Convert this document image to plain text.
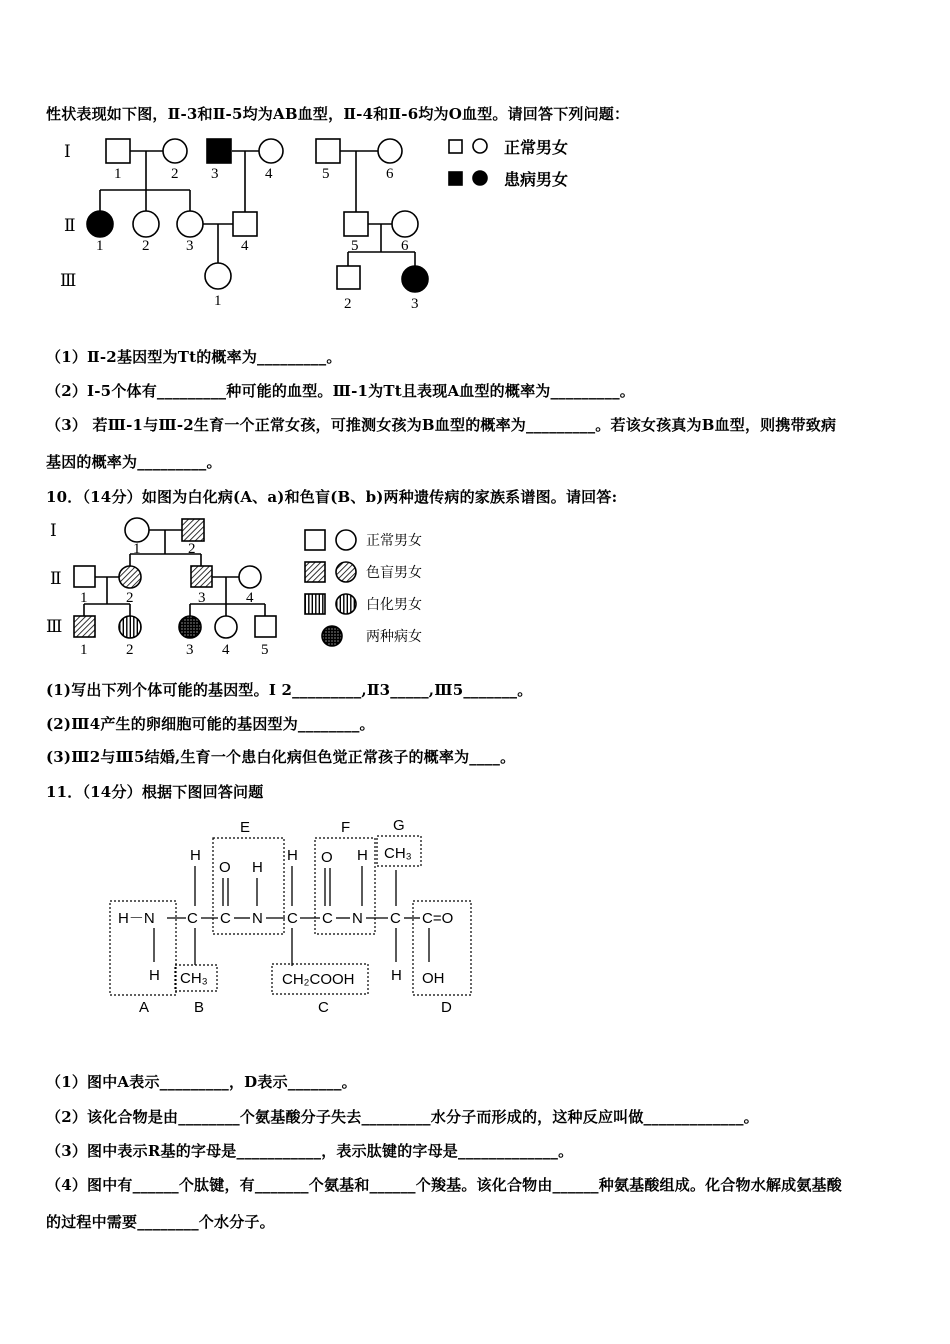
性状表现如下图，Ⅱ-3和Ⅱ-5均为AB血型，Ⅱ-4和Ⅱ-6均为O血型。请回答下列问题：
Ⅰ
Ⅱ
Ⅲ
1	2 3	4	5	6
1	2 3	4	5	6
1	2	3
正常男女
患病男女
（1）Ⅱ-2基因型为Tt的概率为_________。
（2）Ⅰ-5个体有_________种可能的血型。Ⅲ-1为Tt且表现A血型的概率为_________。
（3） 若Ⅲ-1与Ⅲ-2生育一个正常女孩，可推测女孩为B血型的概率为_________。若该女孩真为B血型，则携带致病
基因的概率为_________。
10．（14分）如图为白化病(A、a)和色盲(B、b)两种遗传病的家族系谱图。请回答:
Ⅰ
Ⅱ
Ⅲ
1	2
1	2	3	4
1	2	3 4 5
正常男女
色盲男女
白化男女
两种病女
(1)写出下列个体可能的基因型。Ⅰ 2_________,Ⅱ3_____,Ⅲ5_______。
(2)Ⅲ4产生的卵细胞可能的基因型为________。
(3)Ⅲ2与Ⅲ5结婚,生育一个患白化病但色觉正常孩子的概率为____。
11．（14分）根据下图回答问题
A	B	C	D
E	F	G
H－N
H
C
H
CH₃
C
O
N
H
C
H
CH₂COOH
C
O
N
H
C
CH₃
H
C=O
OH
（1）图中A表示_________，D表示_______。
（2）该化合物是由________个氨基酸分子失去_________水分子而形成的，这种反应叫做_____________。
（3）图中表示R基的字母是___________，表示肽键的字母是_____________。
（4）图中有______个肽键，有_______个氨基和______个羧基。该化合物由______种氨基酸组成。化合物水解成氨基酸
的过程中需要________个水分子。
